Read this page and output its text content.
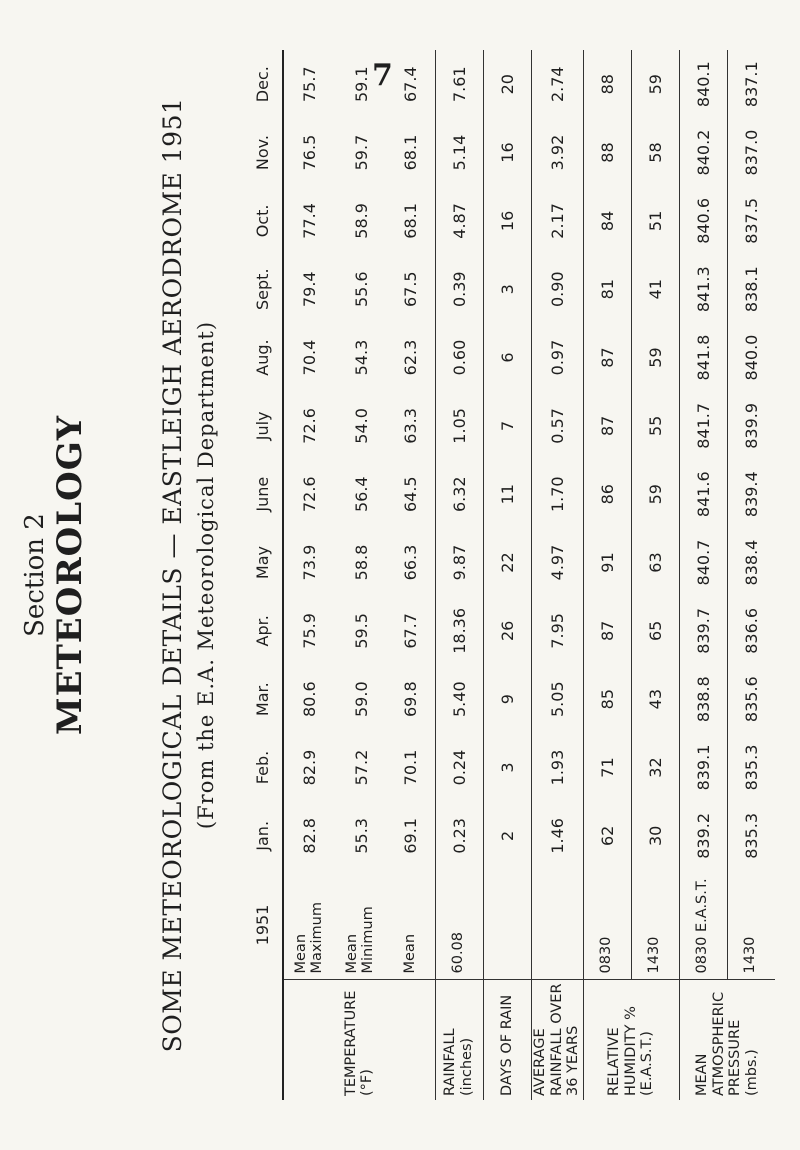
7
Section 2 METEOROLOGY	SOME METEOROLOGICAL DETAILS — EASTLEIGH AERODROME 1951 (From the E.A. Meteorological Department)
	1951	Jan.	Feb.	Mar.	Apr.	May	June	July	Aug.	Sept.	Oct.	Nov.	Dec.
TEMPERATURE (°F)	Mean Maximum	82.8	82.9	80.6	75.9	73.9	72.6	72.6	70.4	79.4	77.4	76.5	75.7
	Mean Minimum	55.3	57.2	59.0	59.5	58.8	56.4	54.0	54.3	55.6	58.9	59.7	59.1
	Mean	69.1	70.1	69.8	67.7	66.3	64.5	63.3	62.3	67.5	68.1	68.1	67.4
RAINFALL (inches)	60.08	0.23	0.24	5.40	18.36	9.87	6.32	1.05	0.60	0.39	4.87	5.14	7.61
DAYS OF RAIN		2	3	9	26	22	11	7	6	3	16	16	20
AVERAGE RAINFALL OVER 36 YEARS		1.46	1.93	5.05	7.95	4.97	1.70	0.57	0.97	0.90	2.17	3.92	2.74
RELATIVE HUMIDITY % (E.A.S.T.)	0830	62	71	85	87	91	86	87	87	81	84	88	88
	1430	30	32	43	65	63	59	55	59	41	51	58	59
MEAN ATMOSPHERIC PRESSURE (mbs.)	0830 E.A.S.T.	839.2	839.1	838.8	839.7	840.7	841.6	841.7	841.8	841.3	840.6	840.2	840.1
	1430	835.3	835.3	835.6	836.6	838.4	839.4	839.9	840.0	838.1	837.5	837.0	837.1
